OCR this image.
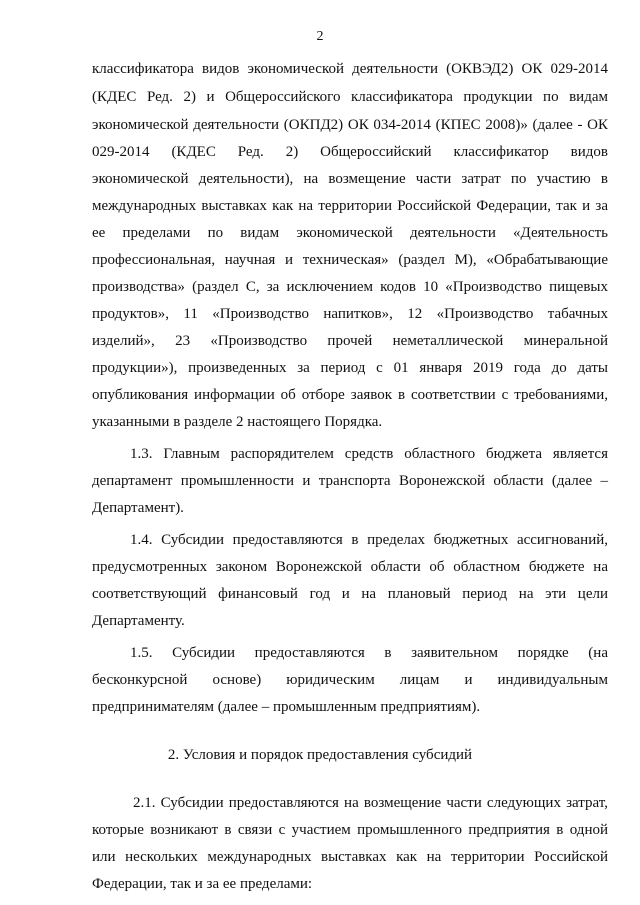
2
классификатора видов экономической деятельности (ОКВЭД2) ОК 029-2014
(КДЕС Ред. 2) и Общероссийского классификатора продукции по видам
экономической деятельности (ОКПД2) ОК 034-2014 (КПЕС 2008)» (далее - ОК
029-2014 (КДЕС Ред. 2) Общероссийский классификатор видов
экономической деятельности), на возмещение части затрат по участию в
международных выставках как на территории Российской Федерации, так и за
ее пределами по видам экономической деятельности «Деятельность
профессиональная, научная и техническая» (раздел М), «Обрабатывающие
производства» (раздел С, за исключением кодов 10 «Производство пищевых
продуктов», 11 «Производство напитков», 12 «Производство табачных
изделий», 23 «Производство прочей неметаллической минеральной
продукции»), произведенных за период с 01 января 2019 года до даты
опубликования информации об отборе заявок в соответствии с требованиями,
указанными в разделе 2 настоящего Порядка.
1.3. Главным распорядителем средств областного бюджета является
департамент промышленности и транспорта Воронежской области (далее –
Департамент).
1.4. Субсидии предоставляются в пределах бюджетных ассигнований,
предусмотренных законом Воронежской области об областном бюджете на
соответствующий финансовый год и на плановый период на эти цели
Департаменту.
1.5. Субсидии предоставляются в заявительном порядке (на
бесконкурсной основе) юридическим лицам и индивидуальным
предпринимателям (далее – промышленным предприятиям).
2. Условия и порядок предоставления субсидий
2.1. Субсидии предоставляются на возмещение части следующих затрат,
которые возникают в связи с участием промышленного предприятия в одной
или нескольких международных выставках как на территории Российской
Федерации, так и за ее пределами:
